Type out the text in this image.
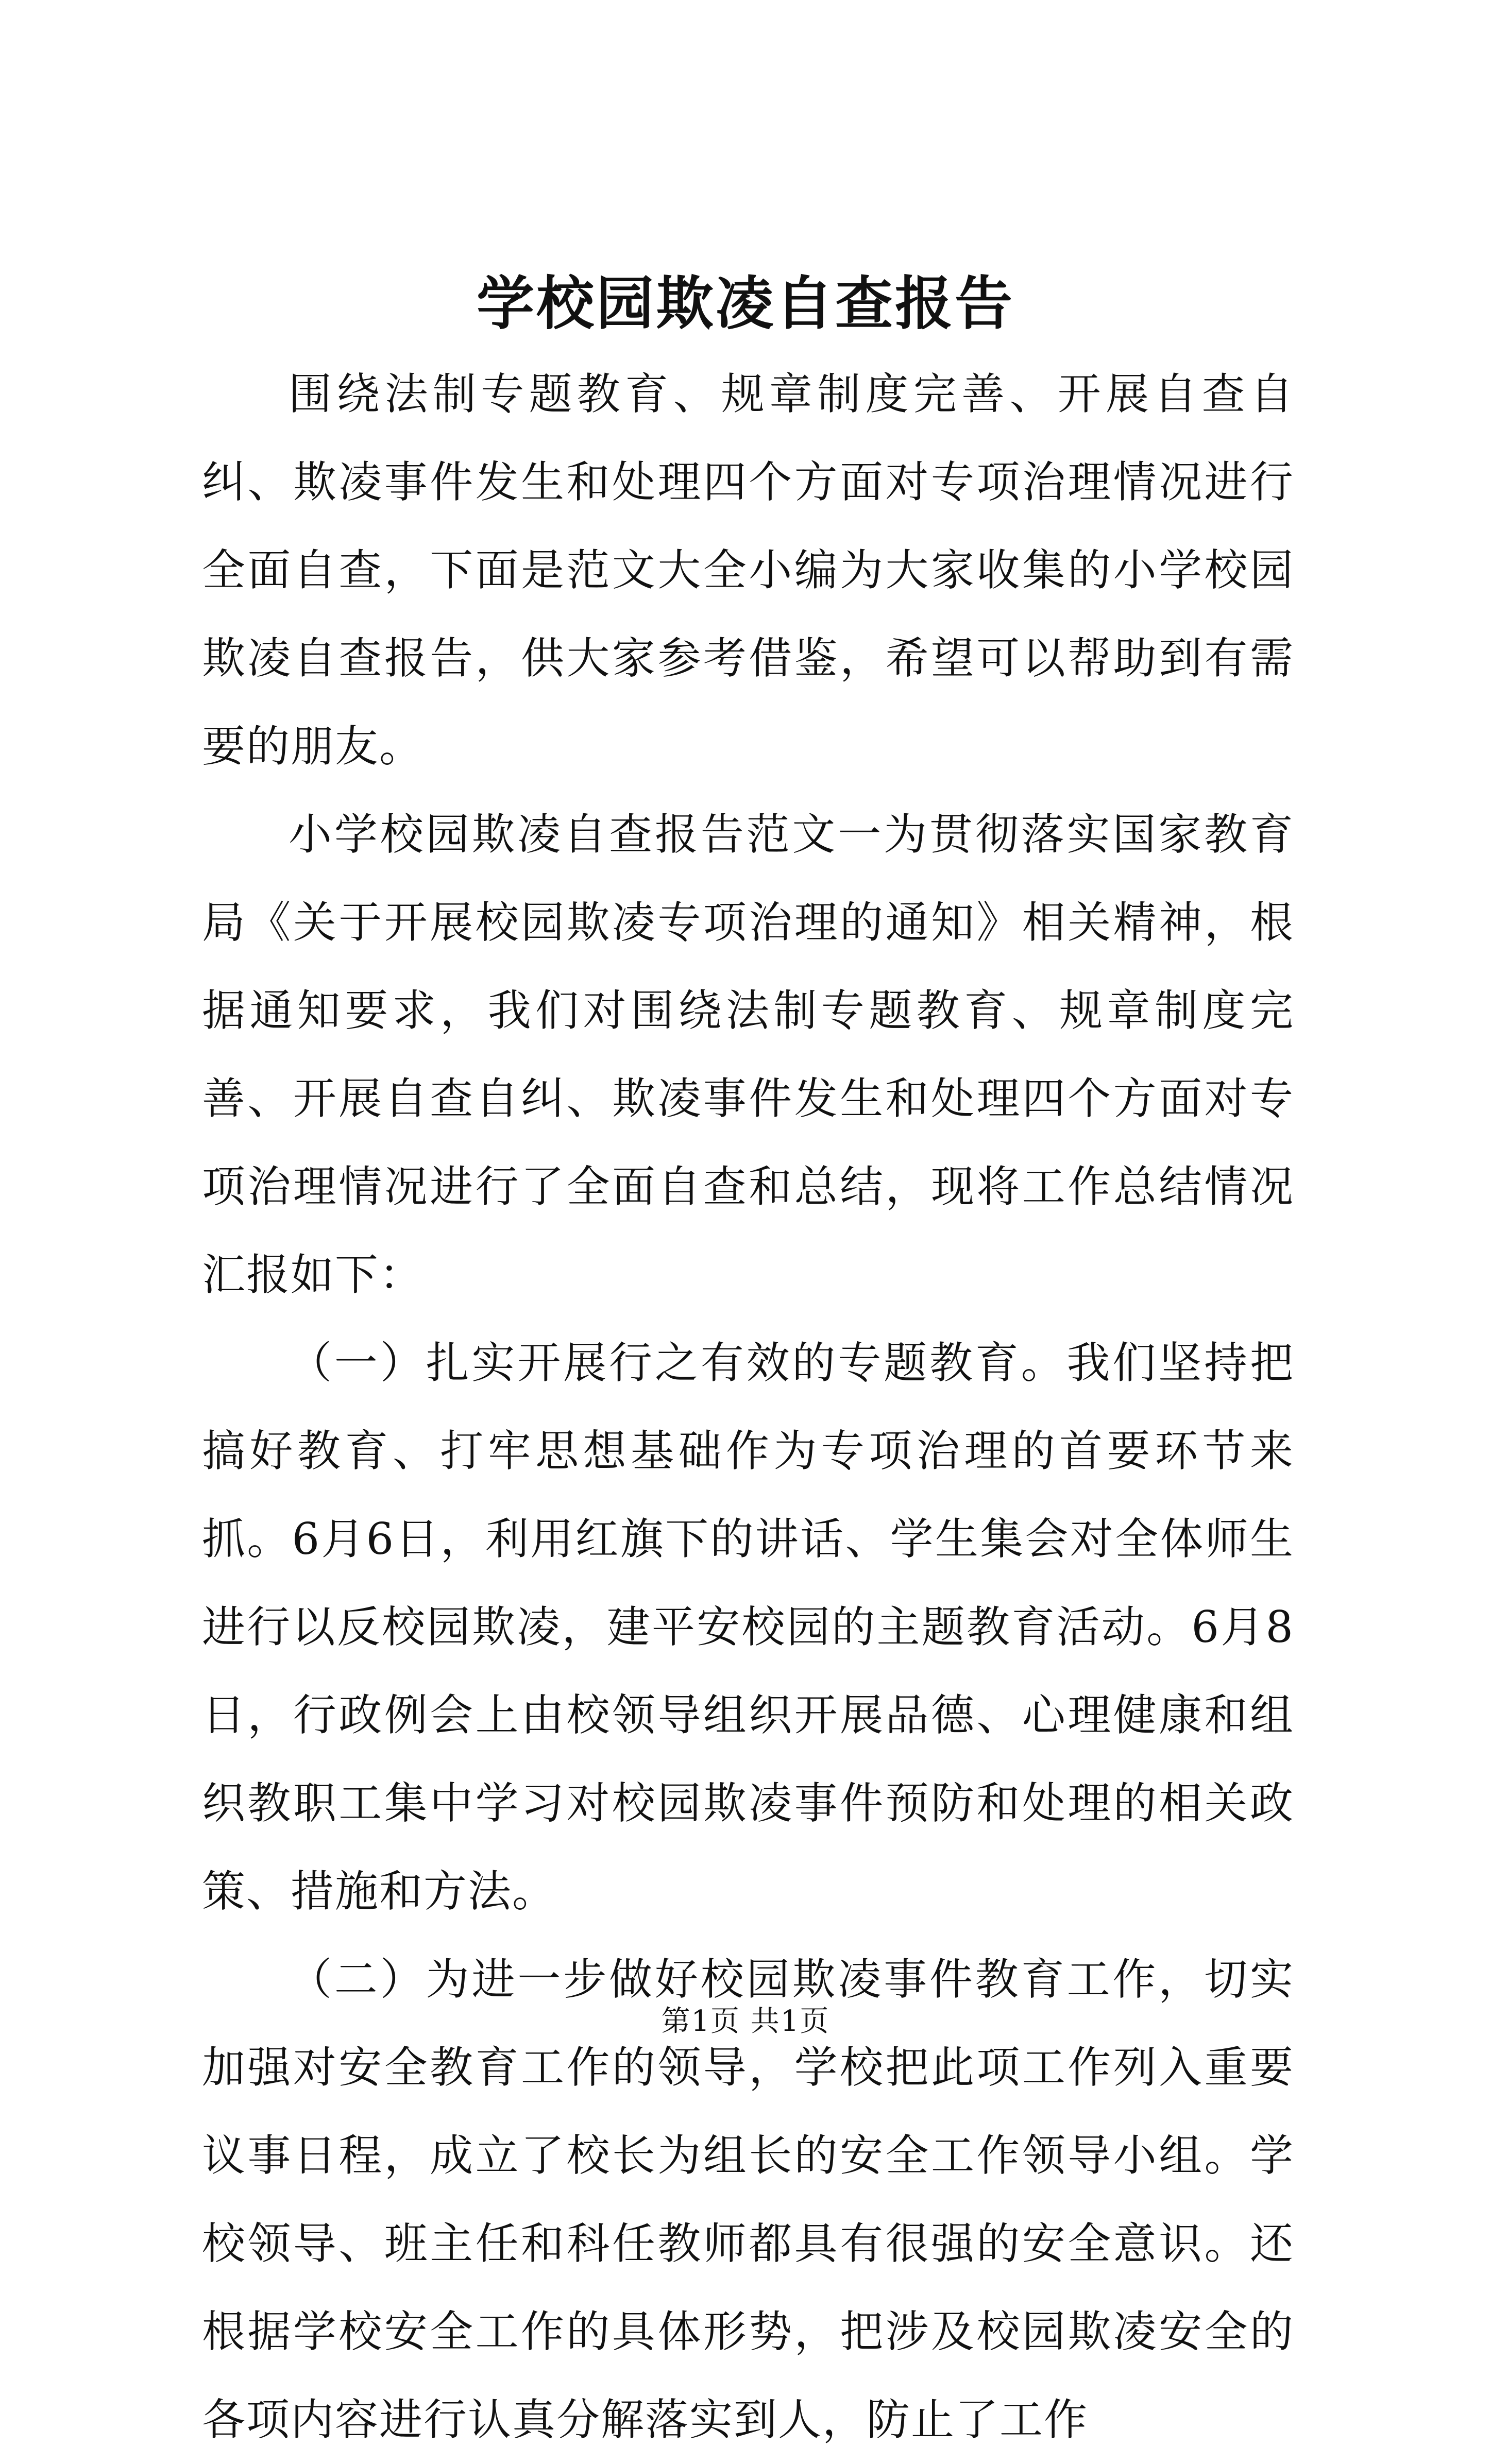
学校园欺凌自查报告

围绕法制专题教育、规章制度完善、开展自查自纠、欺凌事件发生和处理四个方面对专项治理情况进行全面自查，下面是范文大全小编为大家收集的小学校园欺凌自查报告，供大家参考借鉴，希望可以帮助到有需要的朋友。

小学校园欺凌自查报告范文一为贯彻落实国家教育局《关于开展校园欺凌专项治理的通知》相关精神，根据通知要求，我们对围绕法制专题教育、规章制度完善、开展自查自纠、欺凌事件发生和处理四个方面对专项治理情况进行了全面自查和总结，现将工作总结情况汇报如下：

（一）扎实开展行之有效的专题教育。我们坚持把搞好教育、打牢思想基础作为专项治理的首要环节来抓。6月6日，利用红旗下的讲话、学生集会对全体师生进行以反校园欺凌，建平安校园的主题教育活动。6月8日，行政例会上由校领导组织开展品德、心理健康和组织教职工集中学习对校园欺凌事件预防和处理的相关政策、措施和方法。

（二）为进一步做好校园欺凌事件教育工作，切实加强对安全教育工作的领导，学校把此项工作列入重要议事日程，成立了校长为组长的安全工作领导小组。学校领导、班主任和科任教师都具有很强的安全意识。还根据学校安全工作的具体形势，把涉及校园欺凌安全的各项内容进行认真分解落实到人，防止了工作

第1页 共1页
